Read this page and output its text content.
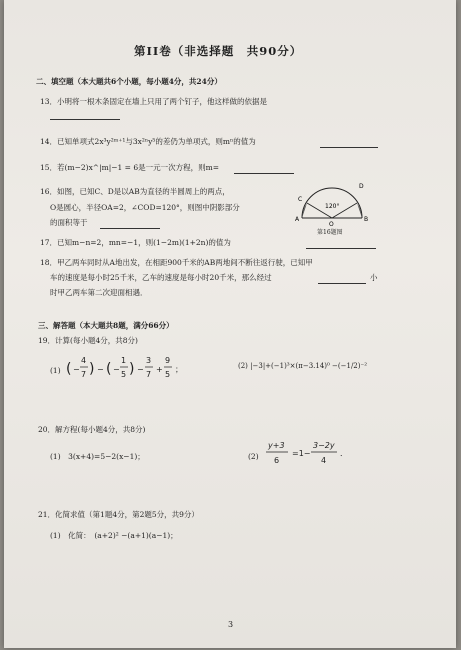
第II卷（非选择题　共90分）
二、填空题（本大题共6个小题，每小题4分，共24分）
13．小明将一根木条固定在墙上只用了两个钉子，他这样做的依据是
14．已知单项式2x³y²ᵐ⁺¹与3x²ⁿy⁵的差仍为单项式，则mⁿ的值为
15．若(m−2)x^|m|−1 = 6是一元一次方程，则m=
16．如图，已知C、D是以AB为直径的半圆周上的两点，
O是圆心，半径OA=2，∠COD=120°，则图中阴影部分
的面积等于
120°
A
O
B
C
D
第16题图
17．已知m−n=2，mn=−1，则(1−2m)(1+2n)的值为
18．甲乙两车同时从A地出发，在相距900千米的AB两地间不断往返行驶，已知甲
车的速度是每小时25千米，乙车的速度是每小时20千米，那么经过	小
时甲乙两车第二次迎面相遇．
三、解答题（本大题共8题，满分66分）
19．计算(每小题4分，共8分)
(1) ( −
4
7 ) − ( −
1
5 ) −
3
7
+
9
5
；	(2) |−3|+(−1)³×(π−3.14)⁰ −(−1/2)⁻²
20．解方程(每小题4分，共8分)
(1)　3(x+4)=5−2(x−1)；	(2)
y+3
6
=1−
3−2y
4
．
21．化简求值（第1题4分，第2题5分，共9分）
(1)　化简：　(a+2)² −(a+1)(a−1)；
3
